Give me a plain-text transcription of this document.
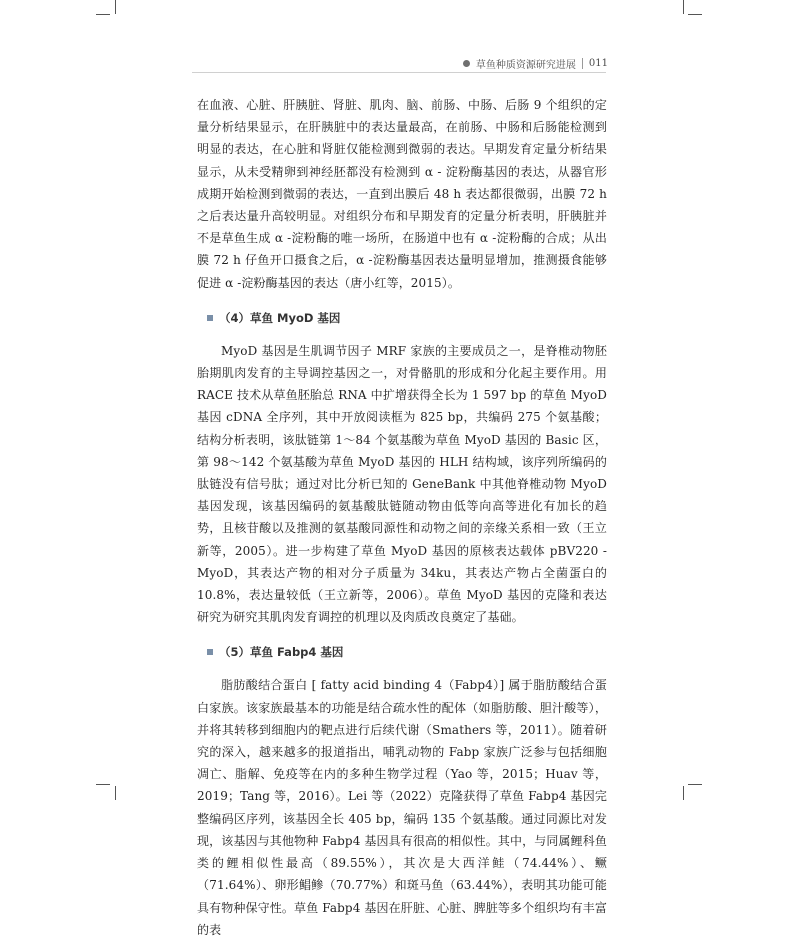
草鱼种质资源研究进展 011

在血液、心脏、肝胰脏、肾脏、肌肉、脑、前肠、中肠、后肠 9 个组织的定量分析结果显示，在肝胰脏中的表达量最高，在前肠、中肠和后肠能检测到明显的表达，在心脏和肾脏仅能检测到微弱的表达。早期发育定量分析结果显示，从未受精卵到神经胚都没有检测到 α - 淀粉酶基因的表达，从器官形成期开始检测到微弱的表达，一直到出膜后 48 h 表达都很微弱，出膜 72 h 之后表达量升高较明显。对组织分布和早期发育的定量分析表明，肝胰脏并不是草鱼生成 α -淀粉酶的唯一场所，在肠道中也有 α -淀粉酶的合成；从出膜 72 h 仔鱼开口摄食之后，α -淀粉酶基因表达量明显增加，推测摄食能够促进 α -淀粉酶基因的表达（唐小红等，2015）。

（4）草鱼 MyoD 基因

MyoD 基因是生肌调节因子 MRF 家族的主要成员之一，是脊椎动物胚胎期肌肉发育的主导调控基因之一，对骨骼肌的形成和分化起主要作用。用 RACE 技术从草鱼胚胎总 RNA 中扩增获得全长为 1 597 bp 的草鱼 MyoD 基因 cDNA 全序列，其中开放阅读框为 825 bp，共编码 275 个氨基酸；结构分析表明，该肽链第 1～84 个氨基酸为草鱼 MyoD 基因的 Basic 区，第 98～142 个氨基酸为草鱼 MyoD 基因的 HLH 结构域，该序列所编码的肽链没有信号肽；通过对比分析已知的 GeneBank 中其他脊椎动物 MyoD 基因发现，该基因编码的氨基酸肽链随动物由低等向高等进化有加长的趋势，且核苷酸以及推测的氨基酸同源性和动物之间的亲缘关系相一致（王立新等，2005）。进一步构建了草鱼 MyoD 基因的原核表达载体 pBV220 - MyoD，其表达产物的相对分子质量为 34ku，其表达产物占全菌蛋白的 10.8%，表达量较低（王立新等，2006）。草鱼 MyoD 基因的克隆和表达研究为研究其肌肉发育调控的机理以及肉质改良奠定了基础。

（5）草鱼 Fabp4 基因

脂肪酸结合蛋白 [ fatty acid binding 4（Fabp4）] 属于脂肪酸结合蛋白家族。该家族最基本的功能是结合疏水性的配体（如脂肪酸、胆汁酸等），并将其转移到细胞内的靶点进行后续代谢（Smathers 等，2011）。随着研究的深入，越来越多的报道指出，哺乳动物的 Fabp 家族广泛参与包括细胞凋亡、脂解、免疫等在内的多种生物学过程（Yao 等，2015；Huav 等，2019；Tang 等，2016）。Lei 等（2022）克隆获得了草鱼 Fabp4 基因完整编码区序列，该基因全长 405 bp，编码 135 个氨基酸。通过同源比对发现，该基因与其他物种 Fabp4 基因具有很高的相似性。其中，与同属鲤科鱼类的鲤相似性最高（89.55%），其次是大西洋鲑（74.44%）、鳜（71.64%）、卵形鲳鲹（70.77%）和斑马鱼（63.44%），表明其功能可能具有物种保守性。草鱼 Fabp4 基因在肝脏、心脏、脾脏等多个组织均有丰富的表
